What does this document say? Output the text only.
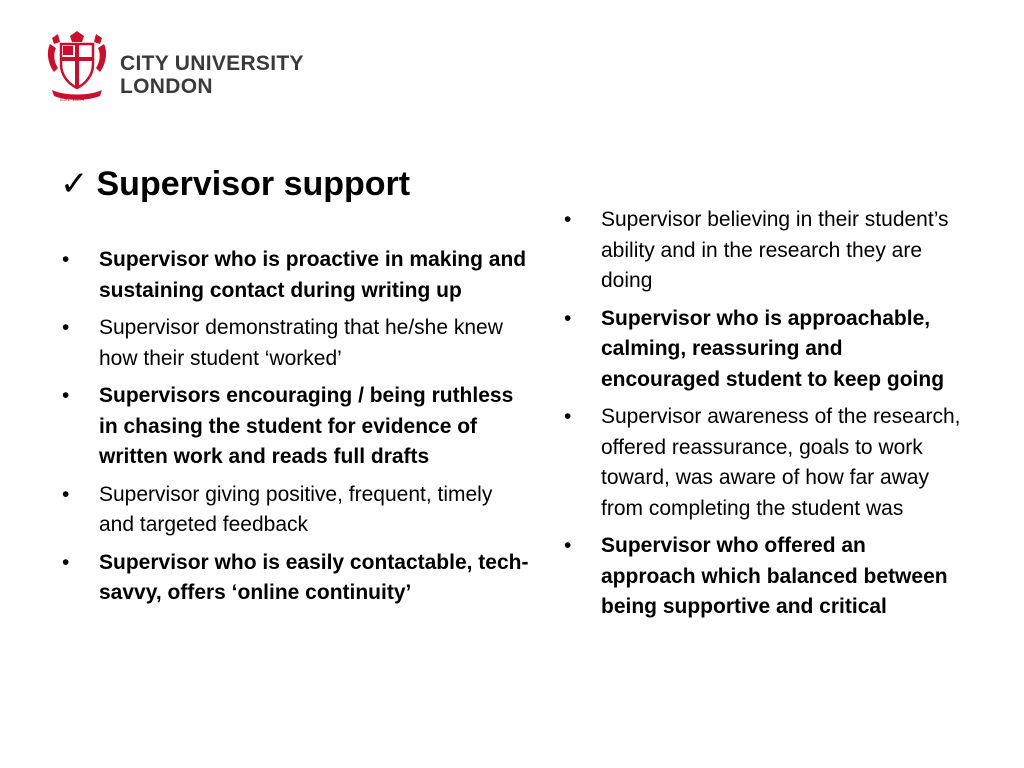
EST 1894
CITY UNIVERSITY
LONDON
✓ Supervisor support
• Supervisor who is proactive in making and sustaining contact during writing up
• Supervisor demonstrating that he/she knew how their student ‘worked’
• Supervisors encouraging / being ruthless in chasing the student for evidence of written work and reads full drafts
• Supervisor giving positive, frequent, timely and targeted feedback
• Supervisor who is easily contactable, tech-savvy, offers ‘online continuity’
• Supervisor believing in their student’s ability and in the research they are doing
• Supervisor who is approachable, calming, reassuring and encouraged student to keep going
• Supervisor awareness of the research, offered reassurance, goals to work toward, was aware of how far away from completing the student was
• Supervisor who offered an approach which balanced between being supportive and critical
